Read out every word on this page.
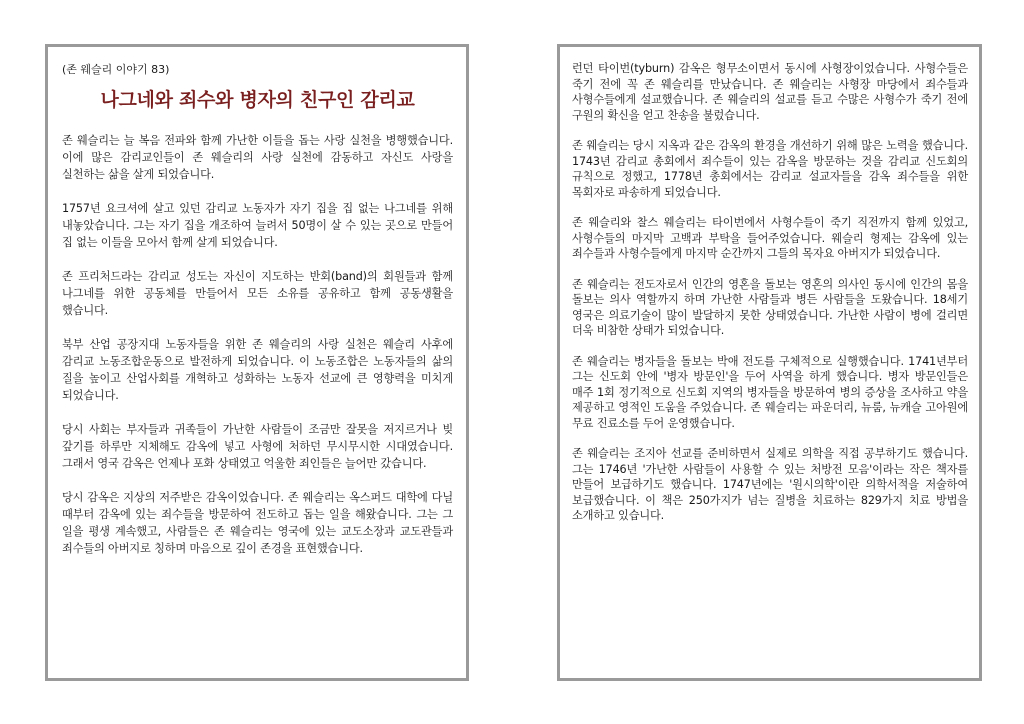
(존 웨슬리 이야기 83)
나그네와 죄수와 병자의 친구인 감리교

존 웨슬리는 늘 복음 전파와 함께 가난한 이들을 돕는 사랑 실천을 병행했습니다. 이에 많은 감리교인들이 존 웨슬리의 사랑 실천에 감동하고 자신도 사랑을 실천하는 삶을 살게 되었습니다.

1757년 요크셔에 살고 있던 감리교 노동자가 자기 집을 집 없는 나그네를 위해 내놓았습니다. 그는 자기 집을 개조하여 늘려서 50명이 살 수 있는 곳으로 만들어 집 없는 이들을 모아서 함께 살게 되었습니다.

존 프리처드라는 감리교 성도는 자신이 지도하는 반회(band)의 회원들과 함께 나그네를 위한 공동체를 만들어서 모든 소유를 공유하고 함께 공동생활을 했습니다.

북부 산업 공장지대 노동자들을 위한 존 웨슬리의 사랑 실천은 웨슬리 사후에 감리교 노동조합운동으로 발전하게 되었습니다. 이 노동조합은 노동자들의 삶의 질을 높이고 산업사회를 개혁하고 성화하는 노동자 선교에 큰 영향력을 미치게 되었습니다.

당시 사회는 부자들과 귀족들이 가난한 사람들이 조금만 잘못을 저지르거나 빚 갚기를 하루만 지체해도 감옥에 넣고 사형에 처하던 무시무시한 시대였습니다. 그래서 영국 감옥은 언제나 포화 상태였고 억울한 죄인들은 늘어만 갔습니다.

당시 감옥은 지상의 저주받은 감옥이었습니다. 존 웨슬리는 옥스퍼드 대학에 다닐 때부터 감옥에 있는 죄수들을 방문하여 전도하고 돕는 일을 해왔습니다. 그는 그 일을 평생 계속했고, 사람들은 존 웨슬리는 영국에 있는 교도소장과 교도관들과 죄수들의 아버지로 칭하며 마음으로 깊이 존경을 표현했습니다.

런던 타이번(tyburn) 감옥은 형무소이면서 동시에 사형장이었습니다. 사형수들은 죽기 전에 꼭 존 웨슬리를 만났습니다. 존 웨슬리는 사형장 마당에서 죄수들과 사형수들에게 설교했습니다. 존 웨슬리의 설교를 듣고 수많은 사형수가 죽기 전에 구원의 확신을 얻고 찬송을 불렀습니다.

존 웨슬리는 당시 지옥과 같은 감옥의 환경을 개선하기 위해 많은 노력을 했습니다. 1743년 감리교 총회에서 죄수들이 있는 감옥을 방문하는 것을 감리교 신도회의 규칙으로 정했고, 1778년 총회에서는 감리교 설교자들을 감옥 죄수들을 위한 목회자로 파송하게 되었습니다.

존 웨슬리와 찰스 웨슬리는 타이번에서 사형수들이 죽기 직전까지 함께 있었고, 사형수들의 마지막 고백과 부탁을 들어주었습니다. 웨슬리 형제는 감옥에 있는 죄수들과 사형수들에게 마지막 순간까지 그들의 목자요 아버지가 되었습니다.

존 웨슬리는 전도자로서 인간의 영혼을 돌보는 영혼의 의사인 동시에 인간의 몸을 돌보는 의사 역할까지 하며 가난한 사람들과 병든 사람들을 도왔습니다. 18세기 영국은 의료기술이 많이 발달하지 못한 상태였습니다. 가난한 사람이 병에 걸리면 더욱 비참한 상태가 되었습니다.

존 웨슬리는 병자들을 돌보는 박애 전도를 구체적으로 실행했습니다. 1741년부터 그는 신도회 안에 '병자 방문인'을 두어 사역을 하게 했습니다. 병자 방문인들은 매주 1회 정기적으로 신도회 지역의 병자들을 방문하여 병의 증상을 조사하고 약을 제공하고 영적인 도움을 주었습니다. 존 웨슬리는 파운더리, 뉴룸, 뉴캐슬 고아원에 무료 진료소를 두어 운영했습니다.

존 웨슬리는 조지아 선교를 준비하면서 실제로 의학을 직접 공부하기도 했습니다. 그는 1746년 '가난한 사람들이 사용할 수 있는 처방전 모음'이라는 작은 책자를 만들어 보급하기도 했습니다. 1747년에는 '원시의학'이란 의학서적을 저술하여 보급했습니다. 이 책은 250가지가 넘는 질병을 치료하는 829가지 치료 방법을 소개하고 있습니다.
